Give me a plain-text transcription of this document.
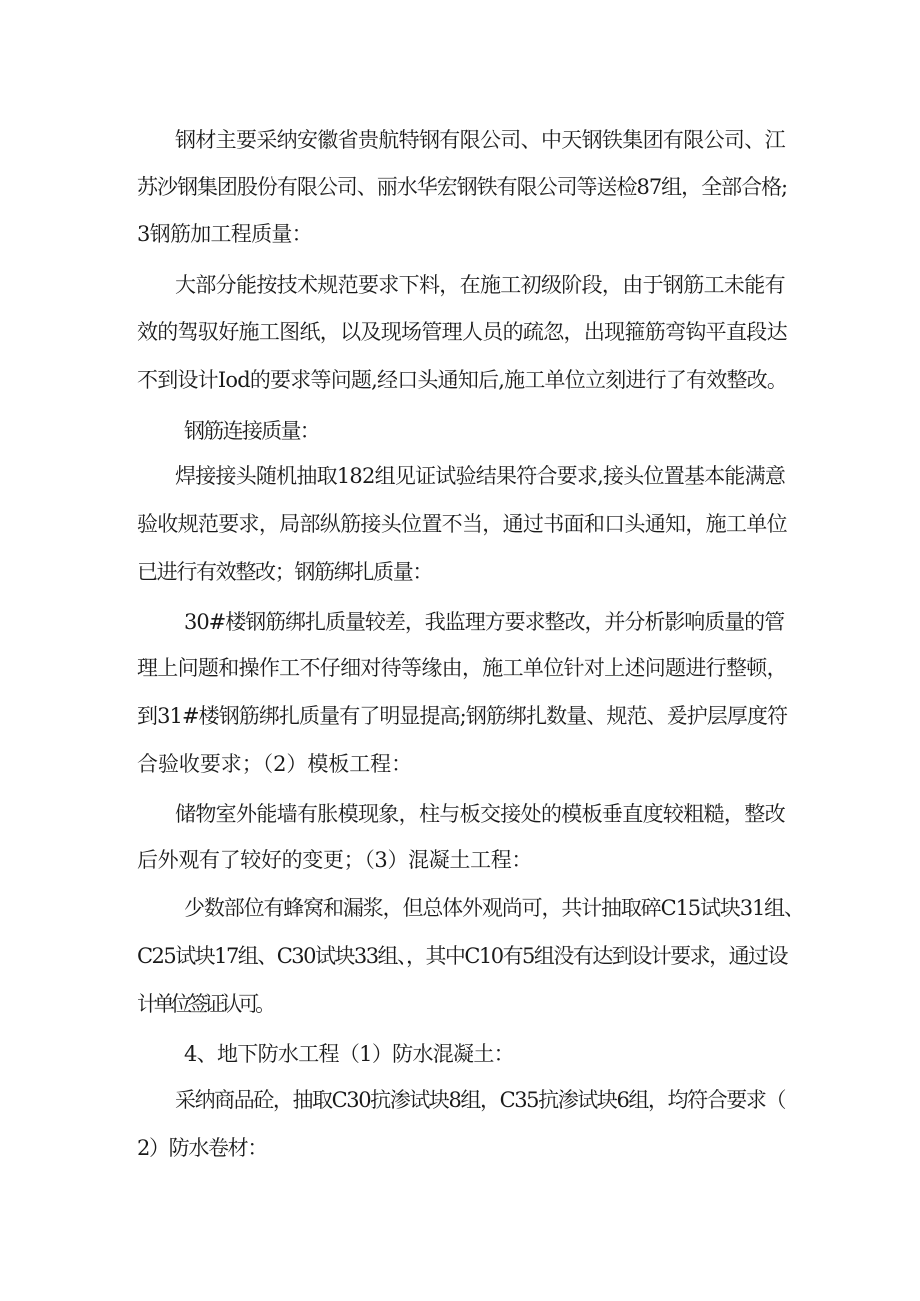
钢材主要采纳安徽省贵航特钢有限公司、中天钢铁集团有限公司、江

苏沙钢集团股份有限公司、丽水华宏钢铁有限公司等送检87组，全部合格;

3钢筋加工程质量：

大部分能按技术规范要求下料，在施工初级阶段，由于钢筋工未能有

效的驾驭好施工图纸，以及现场管理人员的疏忽，出现箍筋弯钩平直段达

不到设计Iod的要求等问题,经口头通知后,施工单位立刻进行了有效整改。

钢筋连接质量：

焊接接头随机抽取182组见证试验结果符合要求,接头位置基本能满意

验收规范要求，局部纵筋接头位置不当，通过书面和口头通知，施工单位

已进行有效整改；钢筋绑扎质量：

30#楼钢筋绑扎质量较差，我监理方要求整改，并分析影响质量的管

理上问题和操作工不仔细对待等缘由，施工单位针对上述问题进行整顿，

到31#楼钢筋绑扎质量有了明显提高;钢筋绑扎数量、规范、爰护层厚度符

合验收要求；（2）模板工程：

储物室外能墙有胀模现象，柱与板交接处的模板垂直度较粗糙，整改

后外观有了较好的变更；（3）混凝土工程：

少数部位有蜂窝和漏浆，但总体外观尚可，共计抽取碎C15试块31组、

C25试块17组、C30试块33组、，其中C10有5组没有达到设计要求，通过设

计单位签证认可。

4、地下防水工程（1）防水混凝土：

采纳商品砼，抽取C30抗渗试块8组，C35抗渗试块6组，均符合要求（

2）防水卷材：
